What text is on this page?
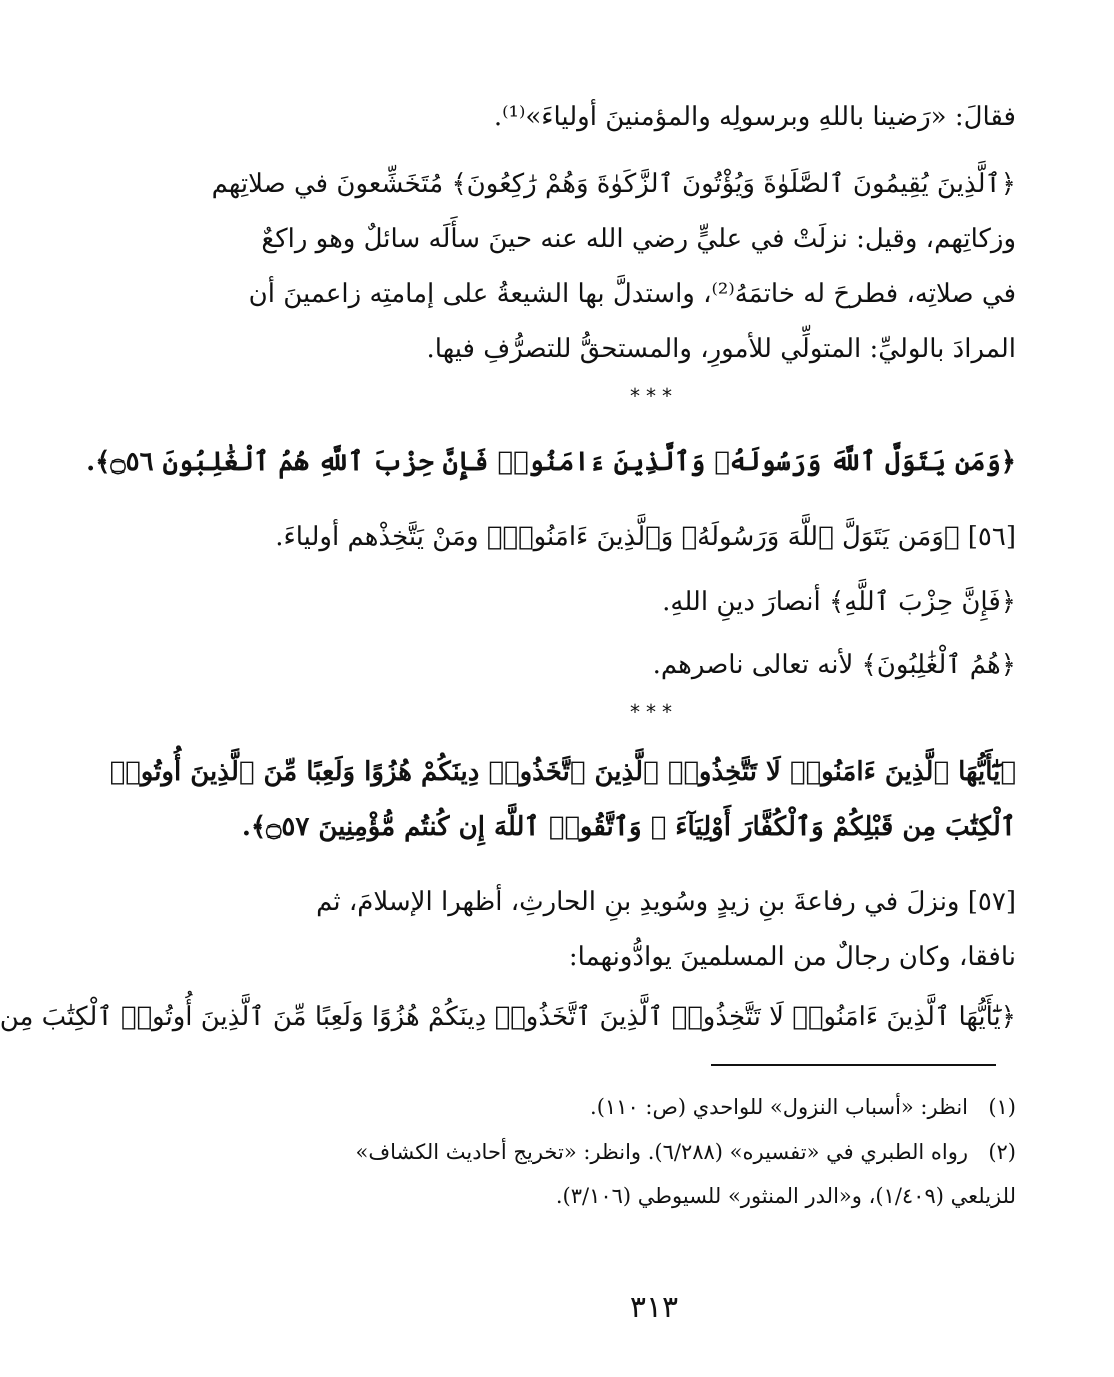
فقالَ: «رَضينا باللهِ وبرسولِه والمؤمنينَ أولياءَ»⁽¹⁾.

﴿ٱلَّذِينَ يُقِيمُونَ ٱلصَّلَوٰةَ وَيُؤْتُونَ ٱلزَّكَوٰةَ وَهُمْ رَٰكِعُونَ﴾ مُتَخَشِّعونَ في صلاتِهم
وزكاتِهم، وقيل: نزلَتْ في عليٍّ رضي الله عنه حينَ سأَلَه سائلٌ وهو راكعٌ
في صلاتِه، فطرحَ له خاتمَهُ⁽²⁾، واستدلَّ بها الشيعةُ على إمامتِه زاعمينَ أن
المرادَ بالوليِّ: المتولِّي للأمورِ، والمستحقُّ للتصرُّفِ فيها.

***

﴿وَمَن يَتَوَلَّ ٱللَّهَ وَرَسُولَهُۥ وَٱلَّذِينَ ءَامَنُوا۟ فَإِنَّ حِزْبَ ٱللَّهِ هُمُ ٱلْغَٰلِبُونَ ۝٥٦﴾.

[٥٦] ﴿وَمَن يَتَوَلَّ ٱللَّهَ وَرَسُولَهُۥ وَٱلَّذِينَ ءَامَنُوا۟﴾ ومَنْ يَتَّخِذْهم أولياءَ.

﴿فَإِنَّ حِزْبَ ٱللَّهِ﴾ أنصارَ دينِ اللهِ.

﴿هُمُ ٱلْغَٰلِبُونَ﴾ لأنه تعالى ناصرهم.

***

﴿يَٰٓأَيُّهَا ٱلَّذِينَ ءَامَنُوا۟ لَا تَتَّخِذُوا۟ ٱلَّذِينَ ٱتَّخَذُوا۟ دِينَكُمْ هُزُوًا وَلَعِبًا مِّنَ ٱلَّذِينَ أُوتُوا۟
ٱلْكِتَٰبَ مِن قَبْلِكُمْ وَٱلْكُفَّارَ أَوْلِيَآءَ ۚ وَٱتَّقُوا۟ ٱللَّهَ إِن كُنتُم مُّؤْمِنِينَ ۝٥٧﴾.

[٥٧] ونزلَ في رفاعةَ بنِ زيدٍ وسُويدِ بنِ الحارثِ، أظهرا الإسلامَ، ثم
نافقا، وكان رجالٌ من المسلمينَ يوادُّونهما:

﴿يَٰٓأَيُّهَا ٱلَّذِينَ ءَامَنُوا۟ لَا تَتَّخِذُوا۟ ٱلَّذِينَ ٱتَّخَذُوا۟ دِينَكُمْ هُزُوًا وَلَعِبًا مِّنَ ٱلَّذِينَ أُوتُوا۟ ٱلْكِتَٰبَ مِن

(١)انظر: «أسباب النزول» للواحدي (ص: ١١٠).
(٢)رواه الطبري في «تفسيره» (٦/٢٨٨). وانظر: «تخريج أحاديث الكشاف»
للزيلعي (١/٤٠٩)، و«الدر المنثور» للسيوطي (٣/١٠٦).
٣١٣
